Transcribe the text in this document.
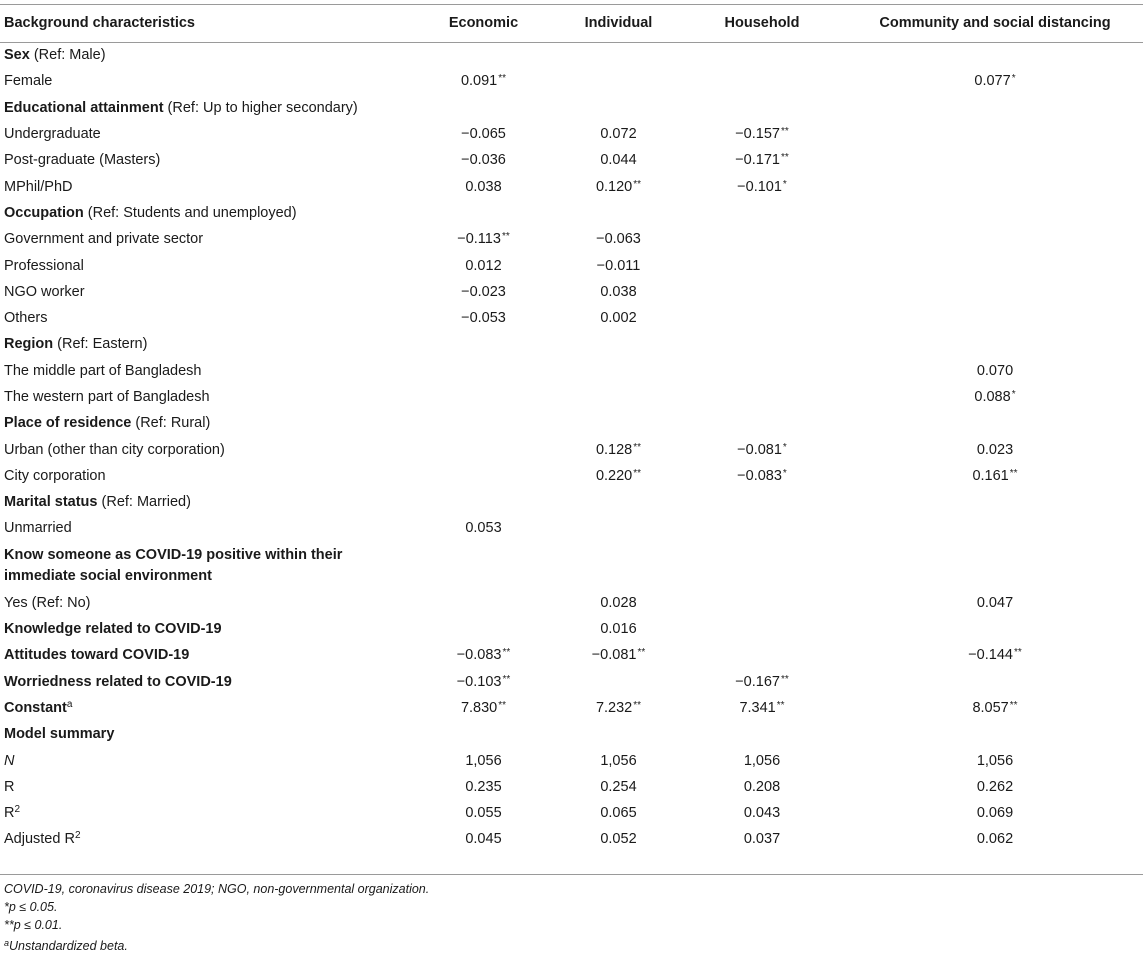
Background characteristics	Economic	Individual	Household	Community and social distancing
Sex (Ref: Male)				
Female	0.091**			0.077*
Educational attainment (Ref: Up to higher secondary)				
Undergraduate	−0.065	0.072	−0.157**	
Post-graduate (Masters)	−0.036	0.044	−0.171**	
MPhil/PhD	0.038	0.120**	−0.101*	
Occupation (Ref: Students and unemployed)				
Government and private sector	−0.113**	−0.063		
Professional	0.012	−0.011		
NGO worker	−0.023	0.038		
Others	−0.053	0.002		
Region (Ref: Eastern)				
The middle part of Bangladesh				0.070
The western part of Bangladesh				0.088*
Place of residence (Ref: Rural)				
Urban (other than city corporation)		0.128**	−0.081*	0.023
City corporation		0.220**	−0.083*	0.161**
Marital status (Ref: Married)				
Unmarried	0.053			
Know someone as COVID-19 positive within their immediate social environment				
Yes (Ref: No)		0.028		0.047
Knowledge related to COVID-19		0.016		
Attitudes toward COVID-19	−0.083**	−0.081**		−0.144**
Worriedness related to COVID-19	−0.103**		−0.167**	
Constant$^a$	7.830**	7.232**	7.341**	8.057**
Model summary				
N	1,056	1,056	1,056	1,056
R	0.235	0.254	0.208	0.262
$R^2$	0.055	0.065	0.043	0.069
Adjusted $R^2$	0.045	0.052	0.037	0.062
COVID-19, coronavirus disease 2019; NGO, non-governmental organization.
*p ≤ 0.05.
**p ≤ 0.01.
$^a$Unstandardized beta.
